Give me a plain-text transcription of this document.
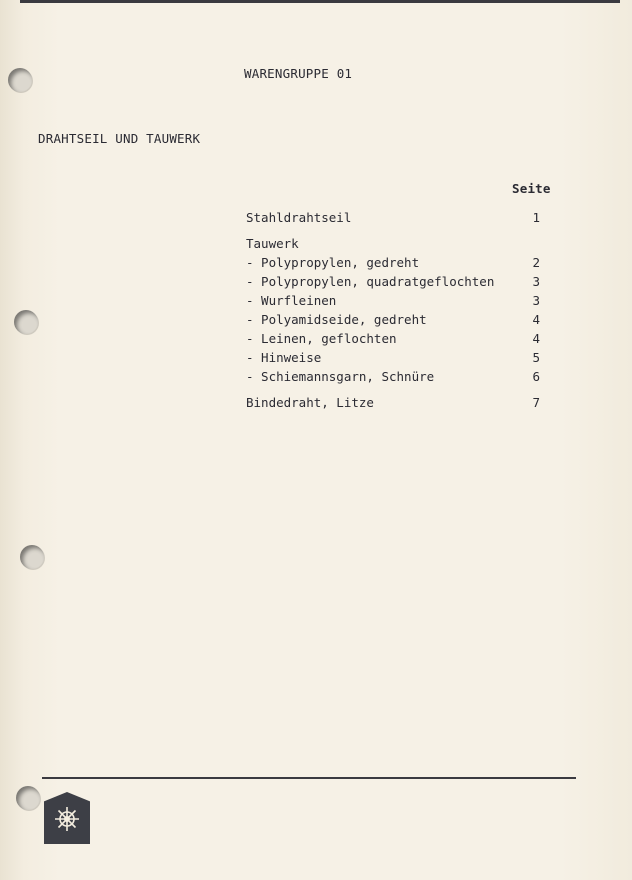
WARENGRUPPE 01
DRAHTSEIL UND TAUWERK
Seite
Stahldrahtseil	1
Tauwerk
- Polypropylen, gedreht	2
- Polypropylen, quadratgeflochten	3
- Wurfleinen	3
- Polyamidseide, gedreht	4
- Leinen, geflochten	4
- Hinweise	5
- Schiemannsgarn, Schnüre	6
Bindedraht, Litze	7
